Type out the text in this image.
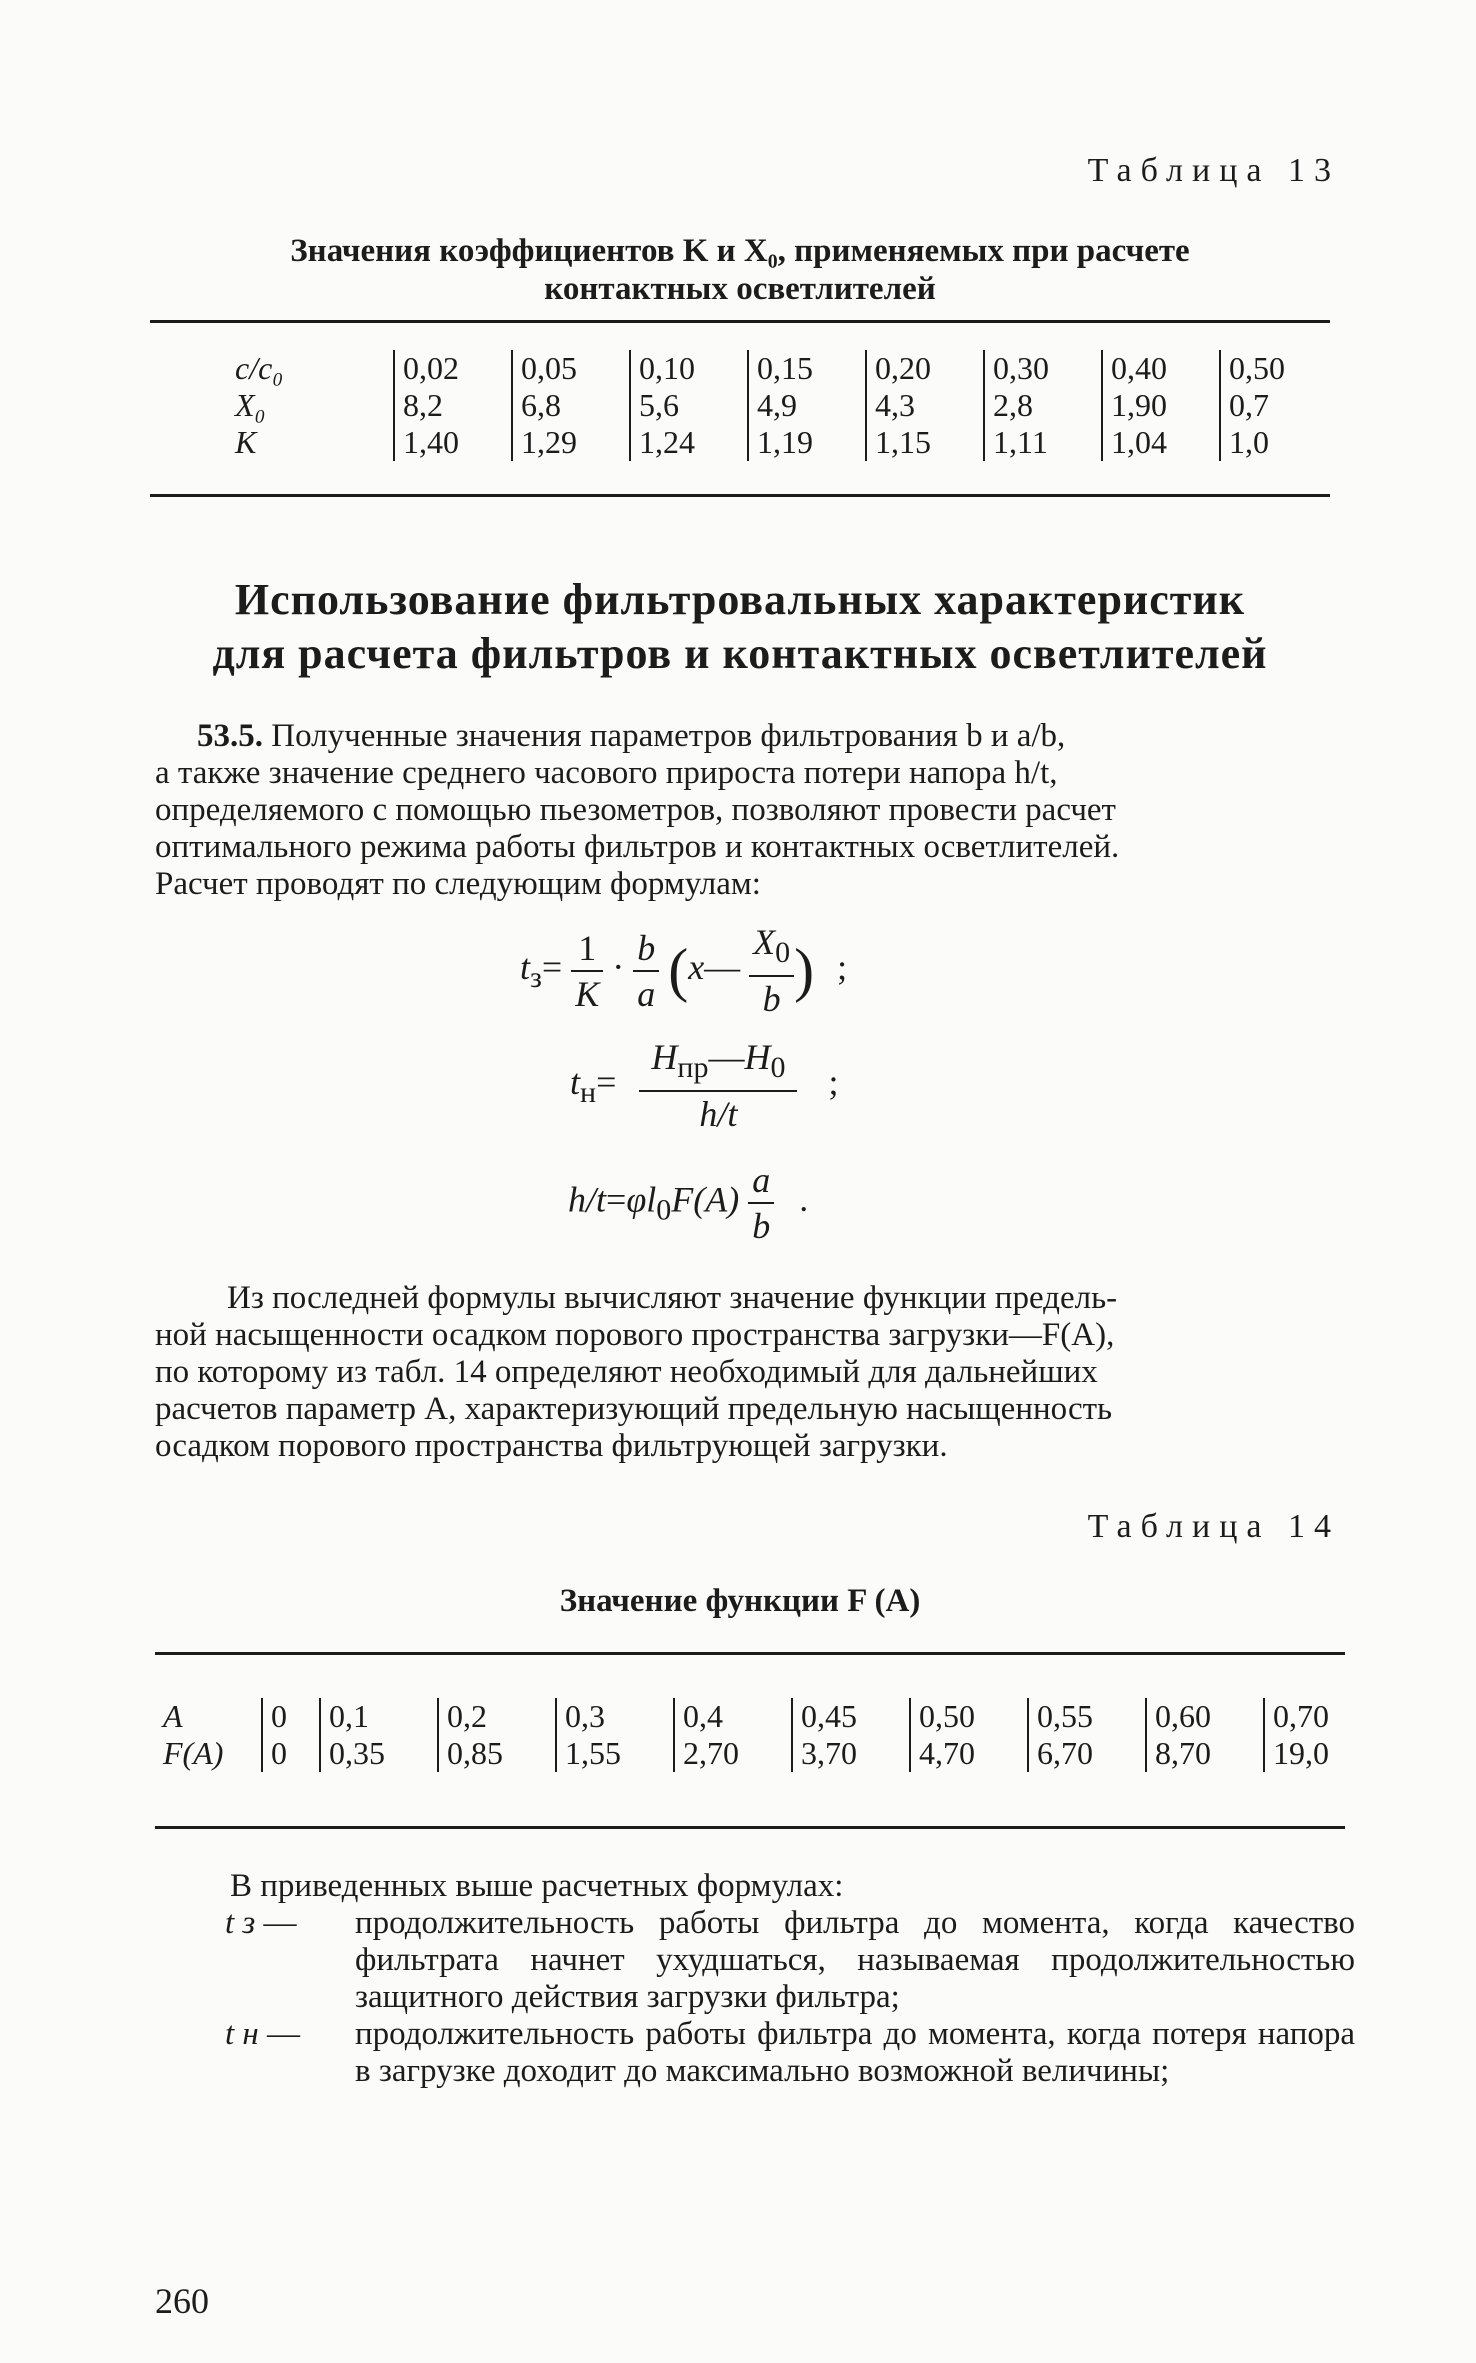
Таблица 13
Значения коэффициентов K и X₀, применяемых при расчете
контактных осветлителей
c/c₀	0,02	0,05	0,10	0,15	0,20	0,30	0,40	0,50
X₀	8,2	6,8	5,6	4,9	4,3	2,8	1,90	0,7
K	1,40	1,29	1,24	1,19	1,15	1,11	1,04	1,0
Использование фильтровальных характеристик
для расчета фильтров и контактных осветлителей
53.5. Полученные значения параметров фильтрования b и a/b,
а также значение среднего часового прироста потери напора h/t,
определяемого с помощью пьезометров, позволяют провести расчет
оптимального режима работы фильтров и контактных осветлителей.
Расчет проводят по следующим формулам:
$t_з= \frac{1}{K} \cdot \frac{b}{a}$ (x— $\frac{X_0}{b}$ ) ;
$t_н= \frac{H_{пр}—H_0}{h/t}$ ;
$h/t=\varphi l_0F(A) \frac{a}{b}$ .
Из последней формулы вычисляют значение функции предель-
ной насыщенности осадком порового пространства загрузки—F(A),
по которому из табл. 14 определяют необходимый для дальнейших
расчетов параметр A, характеризующий предельную насыщенность
осадком порового пространства фильтрующей загрузки.
Таблица 14
Значение функции F (A)
A	0	0,1	0,2	0,3	0,4	0,45	0,50	0,55	0,60	0,70
F(A)	0	0,35	0,85	1,55	2,70	3,70	4,70	6,70	8,70	19,0
В приведенных выше расчетных формулах:
t з —	продолжительность работы фильтра до момента, когда качество фильтрата начнет ухудшаться, называемая продолжительностью защитного действия загрузки фильтра;
t н —	продолжительность работы фильтра до момента, когда потеря напора в загрузке доходит до максимально возможной величины;
260
